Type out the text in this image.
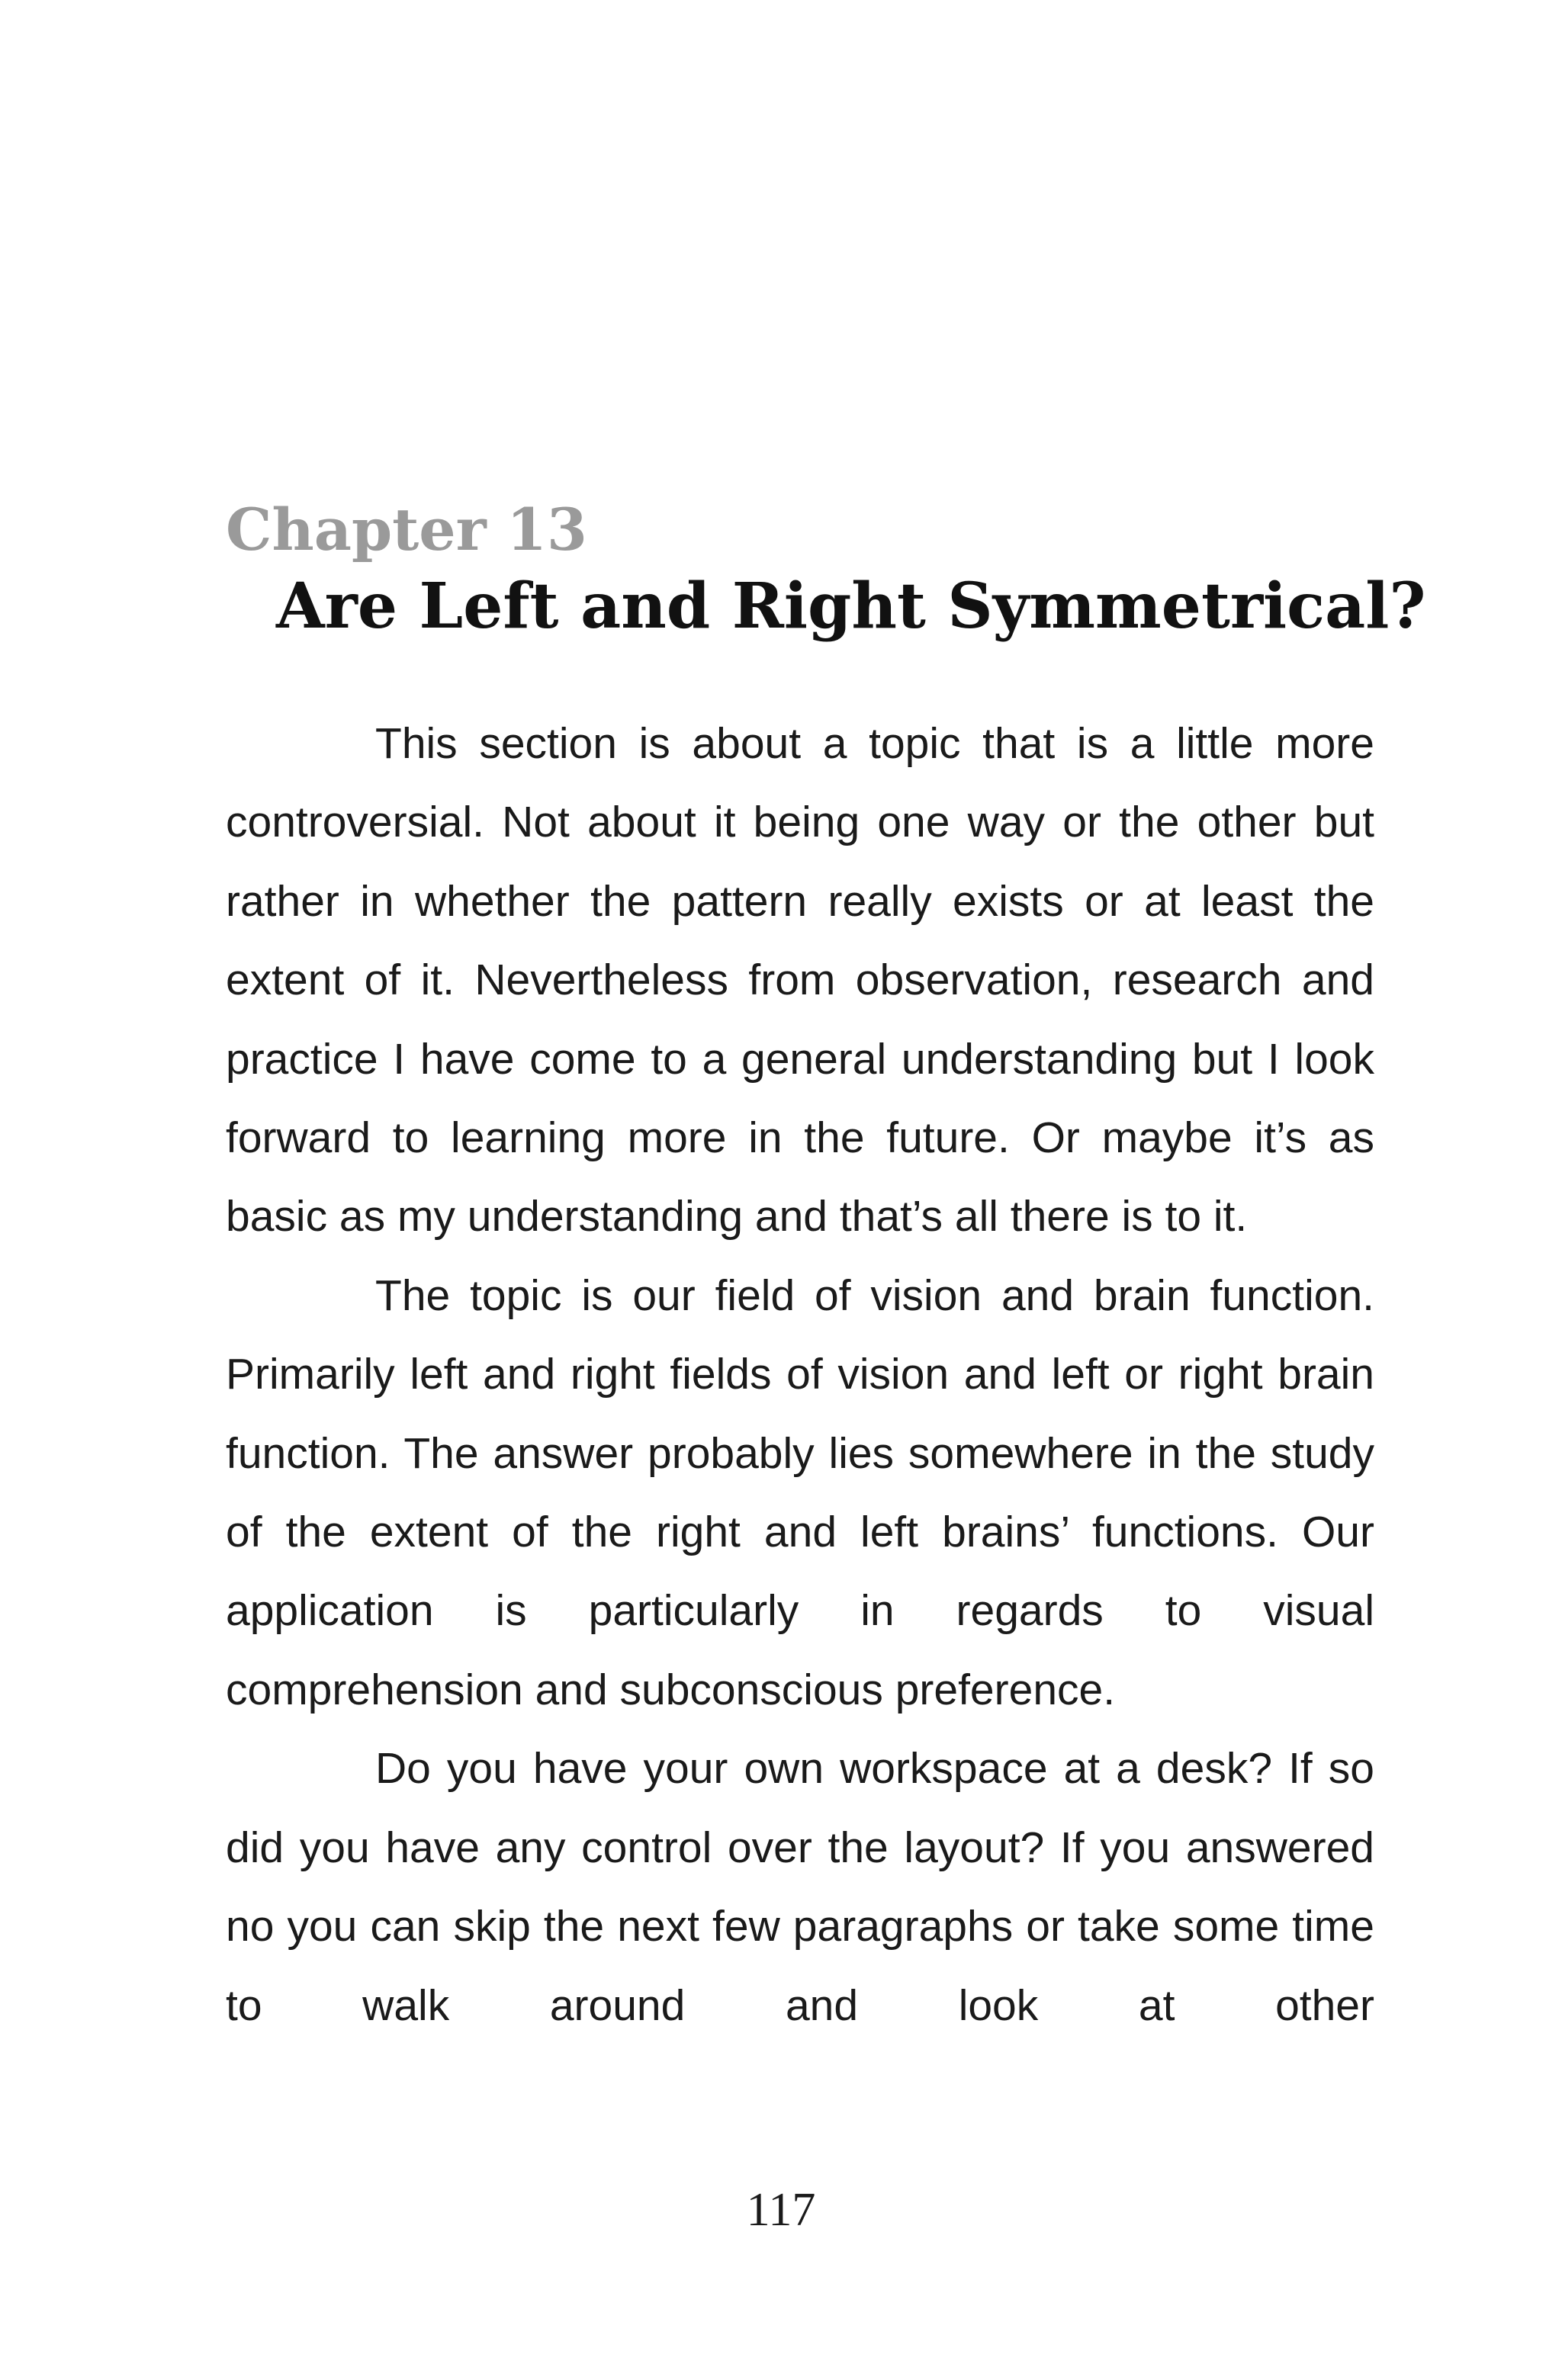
Chapter 13
Are Left and Right Symmetrical?

This section is about a topic that is a little more controversial. Not about it being one way or the other but rather in whether the pattern really exists or at least the extent of it. Nevertheless from observation, research and practice I have come to a general understanding but I look forward to learning more in the future. Or maybe it’s as basic as my understanding and that’s all there is to it.

The topic is our field of vision and brain function. Primarily left and right fields of vision and left or right brain function. The answer probably lies somewhere in the study of the extent of the right and left brains’ functions. Our application is particularly in regards to visual comprehension and subconscious preference.

Do you have your own workspace at a desk? If so did you have any control over the layout? If you answered no you can skip the next few paragraphs or take some time to walk around and look at other

117
